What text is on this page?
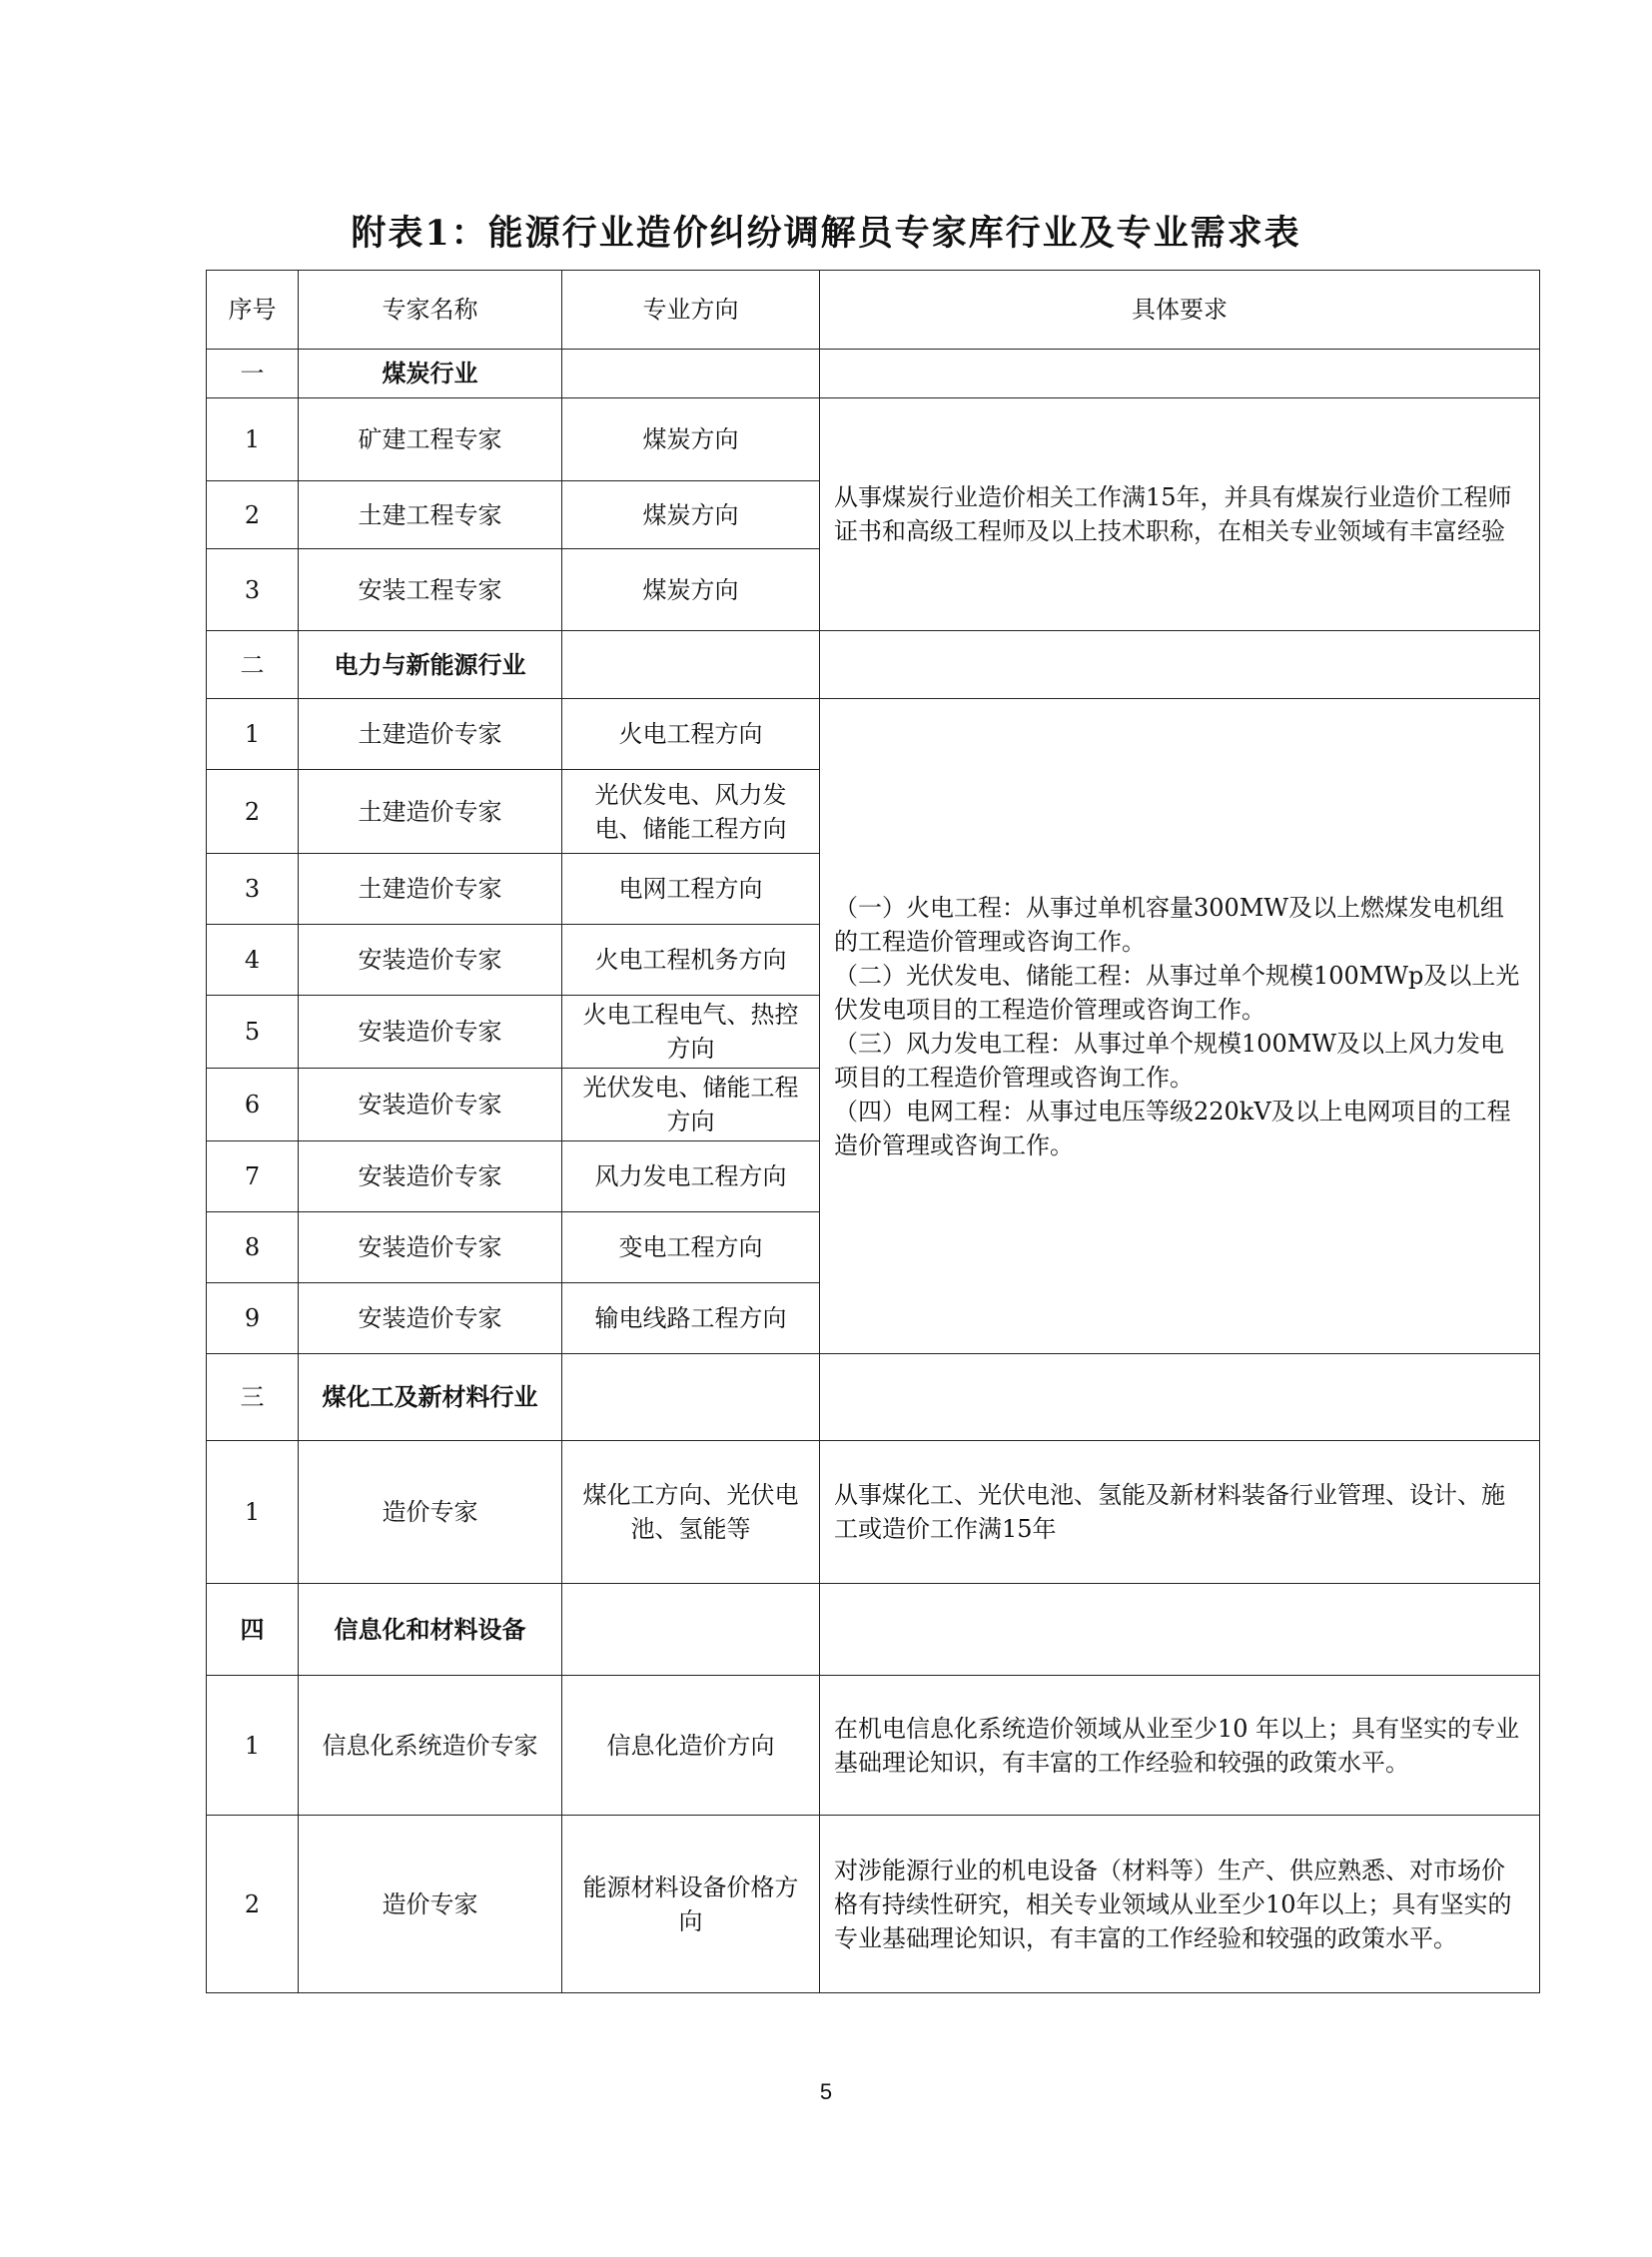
附表1：能源行业造价纠纷调解员专家库行业及专业需求表
序号	专家名称	专业方向	具体要求
一	煤炭行业		
1	矿建工程专家	煤炭方向	从事煤炭行业造价相关工作满15年，并具有煤炭行业造价工程师证书和高级工程师及以上技术职称，在相关专业领域有丰富经验
2	土建工程专家	煤炭方向	
3	安装工程专家	煤炭方向	
二	电力与新能源行业		
1	土建造价专家	火电工程方向	（一）火电工程：从事过单机容量300MW及以上燃煤发电机组的工程造价管理或咨询工作。
（二）光伏发电、储能工程：从事过单个规模100MWp及以上光伏发电项目的工程造价管理或咨询工作。
（三）风力发电工程：从事过单个规模100MW及以上风力发电项目的工程造价管理或咨询工作。
（四）电网工程：从事过电压等级220kV及以上电网项目的工程造价管理或咨询工作。

2	土建造价专家	光伏发电、风力发电、储能工程方向	
3	土建造价专家	电网工程方向	
4	安装造价专家	火电工程机务方向	
5	安装造价专家	火电工程电气、热控方向	
6	安装造价专家	光伏发电、储能工程方向	
7	安装造价专家	风力发电工程方向	
8	安装造价专家	变电工程方向	
9	安装造价专家	输电线路工程方向	
三	煤化工及新材料行业		
1	造价专家	煤化工方向、光伏电池、氢能等	从事煤化工、光伏电池、氢能及新材料装备行业管理、设计、施工或造价工作满15年
四	信息化和材料设备		
1	信息化系统造价专家	信息化造价方向	在机电信息化系统造价领域从业至少10 年以上；具有坚实的专业基础理论知识，有丰富的工作经验和较强的政策水平。
2	造价专家	能源材料设备价格方向	对涉能源行业的机电设备（材料等）生产、供应熟悉、对市场价格有持续性研究，相关专业领域从业至少10年以上；具有坚实的专业基础理论知识，有丰富的工作经验和较强的政策水平。
5
